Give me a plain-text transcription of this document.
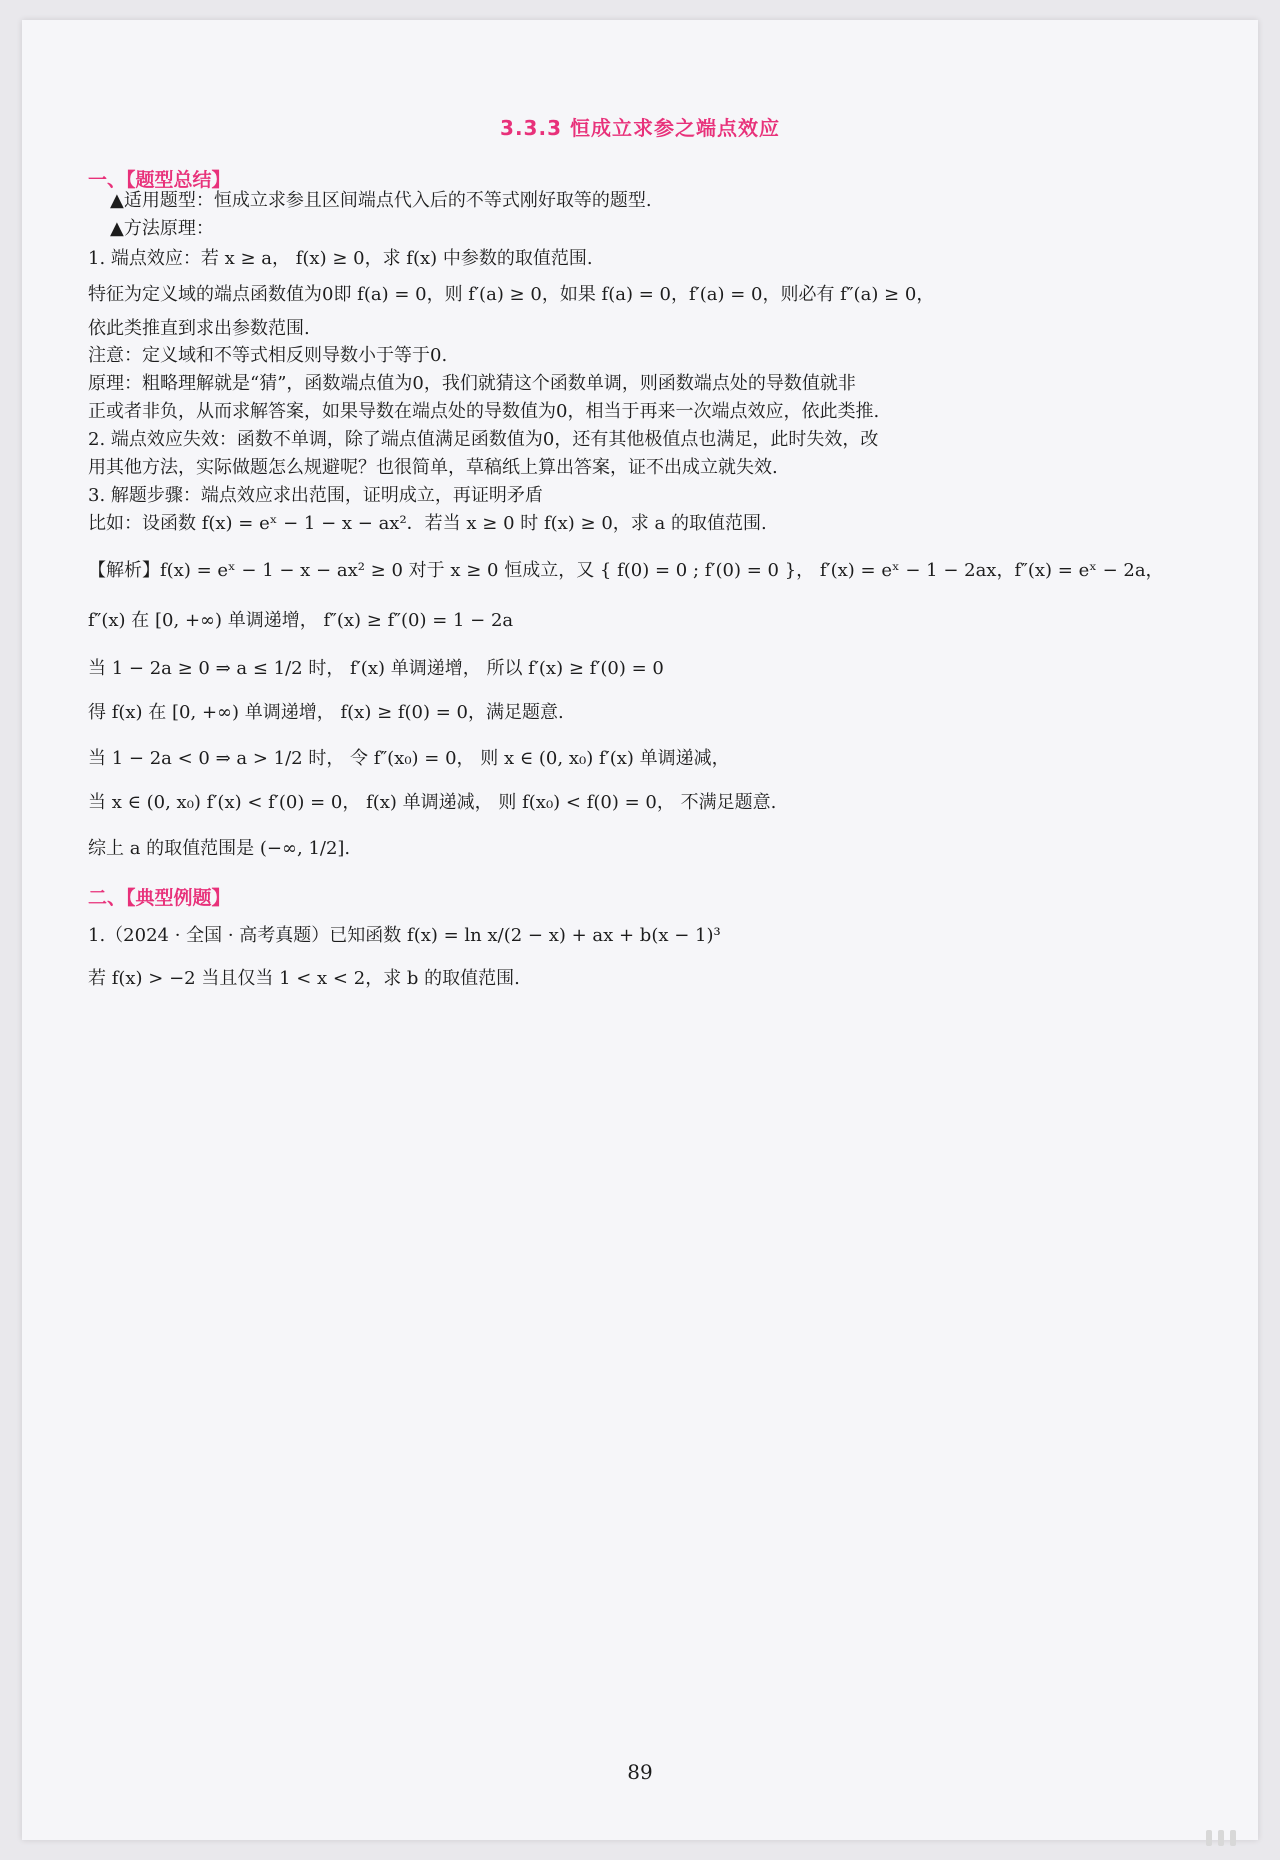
3.3.3 恒成立求参之端点效应
一、【题型总结】
▲适用题型：恒成立求参且区间端点代入后的不等式刚好取等的题型.
▲方法原理：
1. 端点效应：若 x ≥ a， f(x) ≥ 0，求 f(x) 中参数的取值范围.
特征为定义域的端点函数值为0即 f(a) = 0，则 f′(a) ≥ 0，如果 f(a) = 0，f′(a) = 0，则必有 f″(a) ≥ 0，
依此类推直到求出参数范围.
注意：定义域和不等式相反则导数小于等于0.
原理：粗略理解就是“猜”，函数端点值为0，我们就猜这个函数单调，则函数端点处的导数值就非
正或者非负，从而求解答案，如果导数在端点处的导数值为0，相当于再来一次端点效应，依此类推.
2. 端点效应失效：函数不单调，除了端点值满足函数值为0，还有其他极值点也满足，此时失效，改
用其他方法，实际做题怎么规避呢？也很简单，草稿纸上算出答案，证不出成立就失效.
3. 解题步骤：端点效应求出范围，证明成立，再证明矛盾
比如：设函数 f(x) = eˣ − 1 − x − ax²．若当 x ≥ 0 时 f(x) ≥ 0，求 a 的取值范围.
【解析】f(x) = eˣ − 1 − x − ax² ≥ 0 对于 x ≥ 0 恒成立，又 { f(0) = 0 ; f′(0) = 0 }， f′(x) = eˣ − 1 − 2ax，f″(x) = eˣ − 2a，
f″(x) 在 [0, +∞) 单调递增， f″(x) ≥ f″(0) = 1 − 2a
当 1 − 2a ≥ 0 ⇒ a ≤ 1/2 时， f′(x) 单调递增， 所以 f′(x) ≥ f′(0) = 0
得 f(x) 在 [0, +∞) 单调递增， f(x) ≥ f(0) = 0，满足题意.
当 1 − 2a < 0 ⇒ a > 1/2 时， 令 f″(x₀) = 0， 则 x ∈ (0, x₀) f′(x) 单调递减，
当 x ∈ (0, x₀) f′(x) < f′(0) = 0， f(x) 单调递减， 则 f(x₀) < f(0) = 0， 不满足题意.
综上 a 的取值范围是 (−∞, 1/2].
二、【典型例题】
1.（2024 · 全国 · 高考真题）已知函数 f(x) = ln x/(2 − x) + ax + b(x − 1)³
若 f(x) > −2 当且仅当 1 < x < 2，求 b 的取值范围.
89
